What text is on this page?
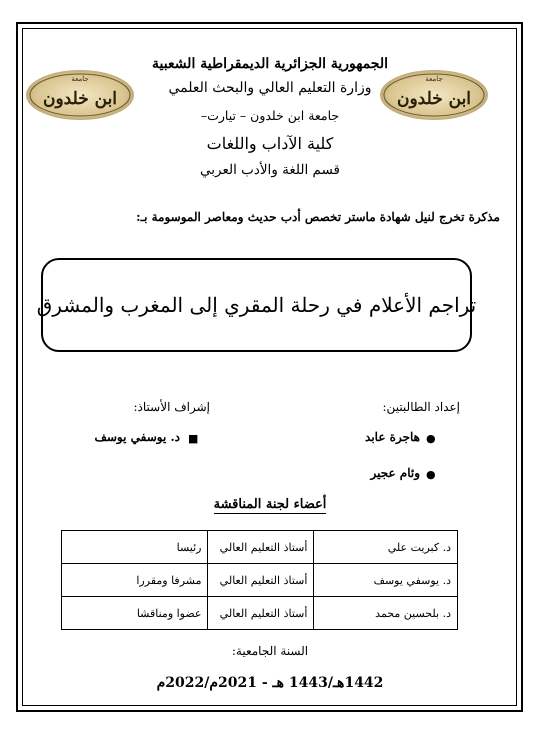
جامعة
ابن خلدون
جامعة
ابن خلدون
الجمهورية الجزائرية الديمقراطية الشعبية
وزارة التعليم العالي والبحث العلمي
جامعة ابن خلدون – تيارت–
كلية الآداب واللغات
قسم اللغة والأدب العربي
مذكرة تخرج لنيل شهادة ماستر تخصص أدب حديث ومعاصر الموسومة بـ:
تراجم الأعلام في رحلة المقري إلى المغرب والمشرق
إعداد الطالبتين:
إشراف الأستاذ:
●
هاجرة عابد
●
وئام عجير
■
د. يوسفي يوسف
أعضاء لجنة المناقشة
د. كبريت علي	أستاذ التعليم العالي	رئيسا
د. يوسفي يوسف	أستاذ التعليم العالي	مشرفا ومقررا
د. بلحسين محمد	أستاذ التعليم العالي	عضوا ومناقشا
السنة الجامعية:
1442هـ/1443 هـ - 2021م/2022م
